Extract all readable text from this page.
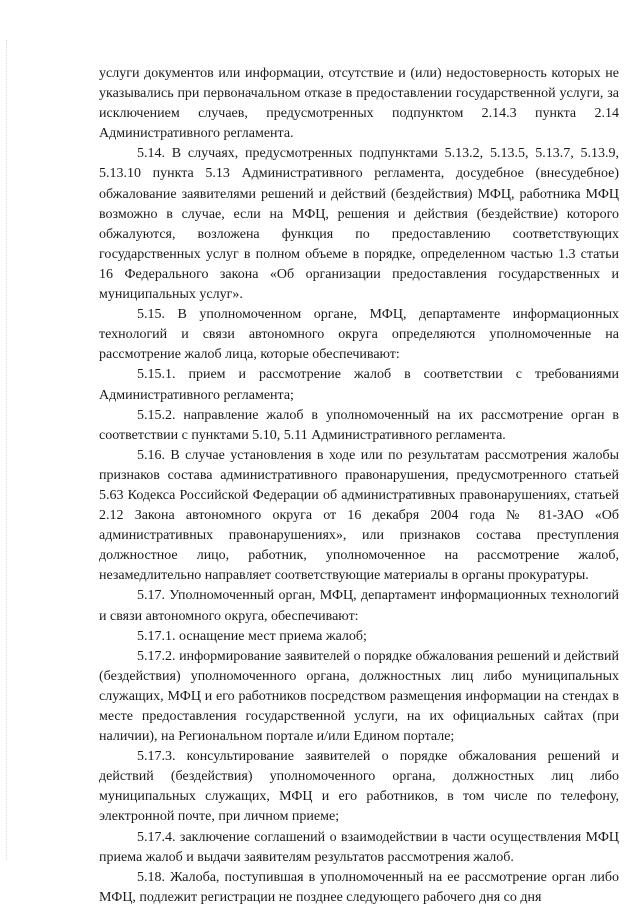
услуги документов или информации, отсутствие и (или) недостоверность которых не указывались при первоначальном отказе в предоставлении государственной услуги, за исключением случаев, предусмотренных подпунктом 2.14.3 пункта 2.14 Административного регламента.

5.14. В случаях, предусмотренных подпунктами 5.13.2, 5.13.5, 5.13.7, 5.13.9, 5.13.10 пункта 5.13 Административного регламента, досудебное (внесудебное) обжалование заявителями решений и действий (бездействия) МФЦ, работника МФЦ возможно в случае, если на МФЦ, решения и действия (бездействие) которого обжалуются, возложена функция по предоставлению соответствующих государственных услуг в полном объеме в порядке, определенном частью 1.3 статьи 16 Федерального закона «Об организации предоставления государственных и муниципальных услуг».

5.15. В уполномоченном органе, МФЦ, департаменте информационных технологий и связи автономного округа определяются уполномоченные на рассмотрение жалоб лица, которые обеспечивают:

5.15.1. прием и рассмотрение жалоб в соответствии с требованиями Административного регламента;

5.15.2. направление жалоб в уполномоченный на их рассмотрение орган в соответствии с пунктами 5.10, 5.11 Административного регламента.

5.16. В случае установления в ходе или по результатам рассмотрения жалобы признаков состава административного правонарушения, предусмотренного статьей 5.63 Кодекса Российской Федерации об административных правонарушениях, статьей 2.12 Закона автономного округа от 16 декабря 2004 года № 81-ЗАО «Об административных правонарушениях», или признаков состава преступления должностное лицо, работник, уполномоченное на рассмотрение жалоб, незамедлительно направляет соответствующие материалы в органы прокуратуры.

5.17. Уполномоченный орган, МФЦ, департамент информационных технологий и связи автономного округа, обеспечивают:

5.17.1. оснащение мест приема жалоб;

5.17.2. информирование заявителей о порядке обжалования решений и действий (бездействия) уполномоченного органа, должностных лиц либо муниципальных служащих, МФЦ и его работников посредством размещения информации на стендах в месте предоставления государственной услуги, на их официальных сайтах (при наличии), на Региональном портале и/или Едином портале;

5.17.3. консультирование заявителей о порядке обжалования решений и действий (бездействия) уполномоченного органа, должностных лиц либо муниципальных служащих, МФЦ и его работников, в том числе по телефону, электронной почте, при личном приеме;

5.17.4. заключение соглашений о взаимодействии в части осуществления МФЦ приема жалоб и выдачи заявителям результатов рассмотрения жалоб.

5.18. Жалоба, поступившая в уполномоченный на ее рассмотрение орган либо МФЦ, подлежит регистрации не позднее следующего рабочего дня со дня
